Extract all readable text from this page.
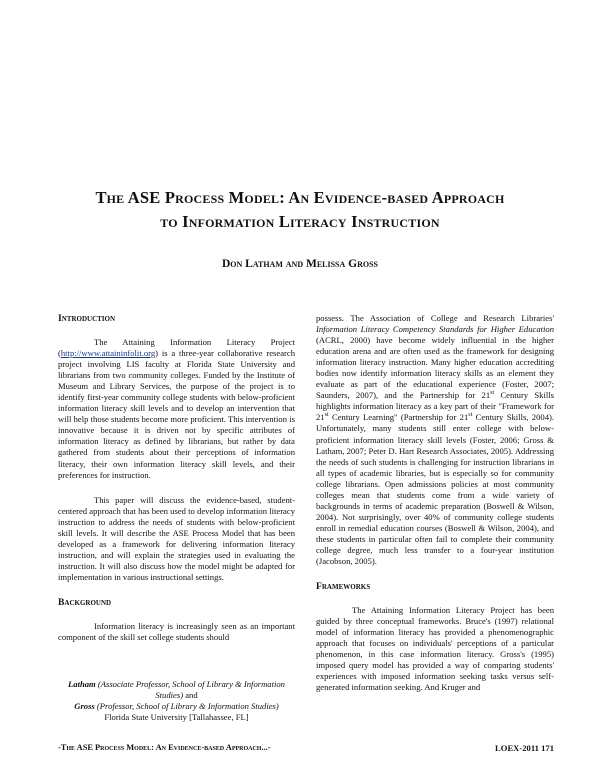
The ASE Process Model: An Evidence-based Approach
to Information Literacy Instruction
Don Latham and Melissa Gross
Introduction

The Attaining Information Literacy Project (http://www.attaininfolit.org) is a three-year collaborative research project involving LIS faculty at Florida State University and librarians from two community colleges. Funded by the Institute of Museum and Library Services, the purpose of the project is to identify first-year community college students with below-proficient information literacy skill levels and to develop an intervention that will help those students become more proficient. This intervention is innovative because it is driven not by specific attributes of information literacy as defined by librarians, but rather by data gathered from students about their perceptions of information literacy, their own information literacy skill levels, and their preferences for instruction.

This paper will discuss the evidence-based, student-centered approach that has been used to develop information literacy instruction to address the needs of students with below-proficient skill levels. It will describe the ASE Process Model that has been developed as a framework for delivering information literacy instruction, and will explain the strategies used in evaluating the instruction. It will also discuss how the model might be adapted for implementation in various instructional settings.

Background

Information literacy is increasingly seen as an important component of the skill set college students should

possess. The Association of College and Research Libraries' Information Literacy Competency Standards for Higher Education (ACRL, 2000) have become widely influential in the higher education arena and are often used as the framework for designing information literacy instruction. Many higher education accrediting bodies now identify information literacy skills as an element they evaluate as part of the educational experience (Foster, 2007; Saunders, 2007), and the Partnership for 21st Century Skills highlights information literacy as a key part of their "Framework for 21st Century Learning" (Partnership for 21st Century Skills, 2004). Unfortunately, many students still enter college with below-proficient information literacy skill levels (Foster, 2006; Gross & Latham, 2007; Peter D. Hart Research Associates, 2005). Addressing the needs of such students is challenging for instruction librarians in all types of academic libraries, but is especially so for community college librarians. Open admissions policies at most community colleges mean that students come from a wide variety of backgrounds in terms of academic preparation (Boswell & Wilson, 2004). Not surprisingly, over 40% of community college students enroll in remedial education courses (Boswell & Wilson, 2004), and these students in particular often fail to complete their community college degree, much less transfer to a four-year institution (Jacobson, 2005).

Frameworks

The Attaining Information Literacy Project has been guided by three conceptual frameworks. Bruce's (1997) relational model of information literacy has provided a phenomenographic approach that focuses on individuals' perceptions of a particular phenomenon, in this case information literacy. Gross's (1995) imposed query model has provided a way of comparing students' experiences with imposed information seeking tasks versus self-generated information seeking. And Kruger and

Latham (Associate Professor, School of Library & Information Studies) and
Gross (Professor, School of Library & Information Studies)
Florida State University [Tallahassee, FL]
-The ASE Process Model: An Evidence-based Approach...-	LOEX-2011 171
